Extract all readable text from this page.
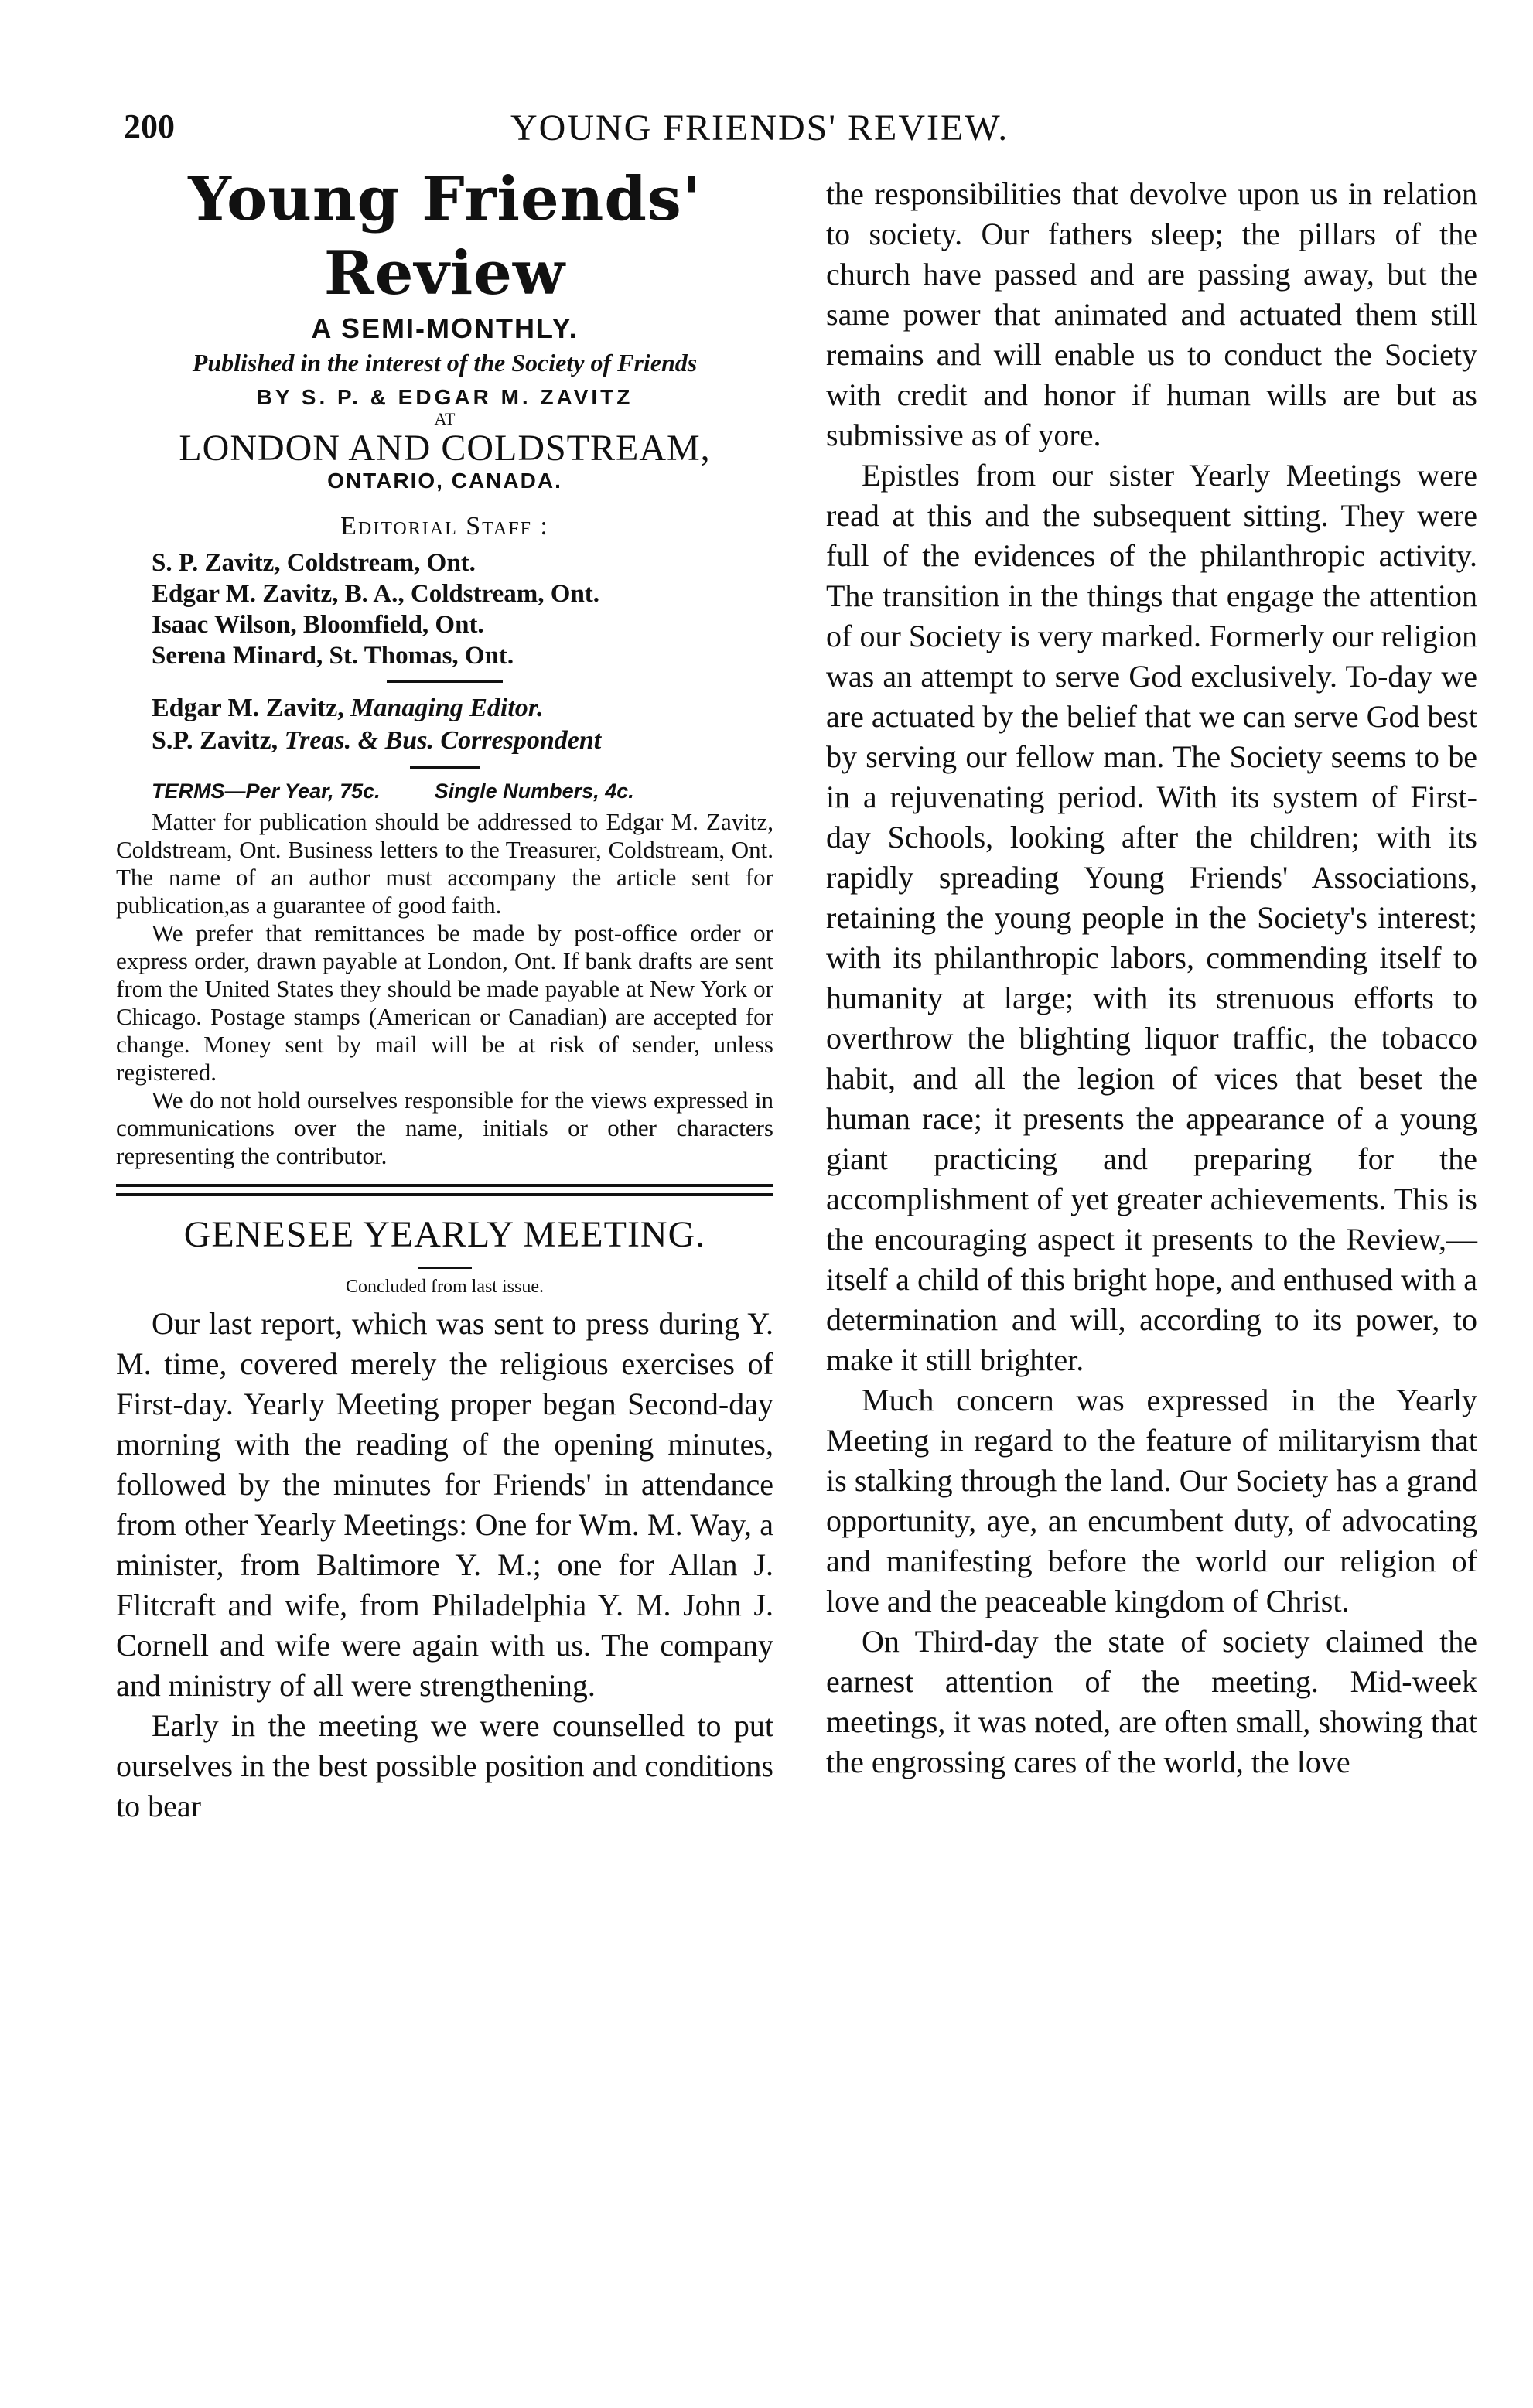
200	YOUNG FRIENDS' REVIEW.
Young Friends' Review
A SEMI-MONTHLY.
Published in the interest of the Society of Friends
BY S. P. & EDGAR M. ZAVITZ
AT
LONDON AND COLDSTREAM,
ONTARIO, CANADA.
Editorial Staff :
S. P. Zavitz, Coldstream, Ont.
Edgar M. Zavitz, B. A., Coldstream, Ont.
Isaac Wilson, Bloomfield, Ont.
Serena Minard, St. Thomas, Ont.
Edgar M. Zavitz, Managing Editor.
S.P. Zavitz, Treas. & Bus. Correspondent
TERMS—Per Year, 75c.	Single Numbers, 4c.

Matter for publication should be addressed to Edgar M. Zavitz, Coldstream, Ont. Business letters to the Treasurer, Coldstream, Ont. The name of an author must accompany the article sent for publication,as a guarantee of good faith.

We prefer that remittances be made by post-office order or express order, drawn payable at London, Ont. If bank drafts are sent from the United States they should be made payable at New York or Chicago. Postage stamps (American or Canadian) are accepted for change. Money sent by mail will be at risk of sender, unless registered.

We do not hold ourselves responsible for the views expressed in communications over the name, initials or other characters representing the contributor.

GENESEE YEARLY MEETING.
Concluded from last issue.

Our last report, which was sent to press during Y. M. time, covered merely the religious exercises of First-day. Yearly Meeting proper began Second-day morning with the reading of the opening minutes, followed by the minutes for Friends' in attendance from other Yearly Meetings: One for Wm. M. Way, a minister, from Baltimore Y. M.; one for Allan J. Flitcraft and wife, from Philadelphia Y. M. John J. Cornell and wife were again with us. The company and ministry of all were strengthening.

Early in the meeting we were counselled to put ourselves in the best possible position and conditions to bear

the responsibilities that devolve upon us in relation to society. Our fathers sleep; the pillars of the church have passed and are passing away, but the same power that animated and actuated them still remains and will enable us to conduct the Society with credit and honor if human wills are but as submissive as of yore.

Epistles from our sister Yearly Meetings were read at this and the subsequent sitting. They were full of the evidences of the philanthropic activity. The transition in the things that engage the attention of our Society is very marked. Formerly our religion was an attempt to serve God exclusively. To-day we are actuated by the belief that we can serve God best by serving our fellow man. The Society seems to be in a rejuvenating period. With its system of First-day Schools, looking after the children; with its rapidly spreading Young Friends' Associations, retaining the young people in the Society's interest; with its philanthropic labors, commending itself to humanity at large; with its strenuous efforts to overthrow the blighting liquor traffic, the tobacco habit, and all the legion of vices that beset the human race; it presents the appearance of a young giant practicing and preparing for the accomplishment of yet greater achievements. This is the encouraging aspect it presents to the Review,—itself a child of this bright hope, and enthused with a determination and will, according to its power, to make it still brighter.

Much concern was expressed in the Yearly Meeting in regard to the feature of militaryism that is stalking through the land. Our Society has a grand opportunity, aye, an encumbent duty, of advocating and manifesting before the world our religion of love and the peaceable kingdom of Christ.

On Third-day the state of society claimed the earnest attention of the meeting. Mid-week meetings, it was noted, are often small, showing that the engrossing cares of the world, the love
